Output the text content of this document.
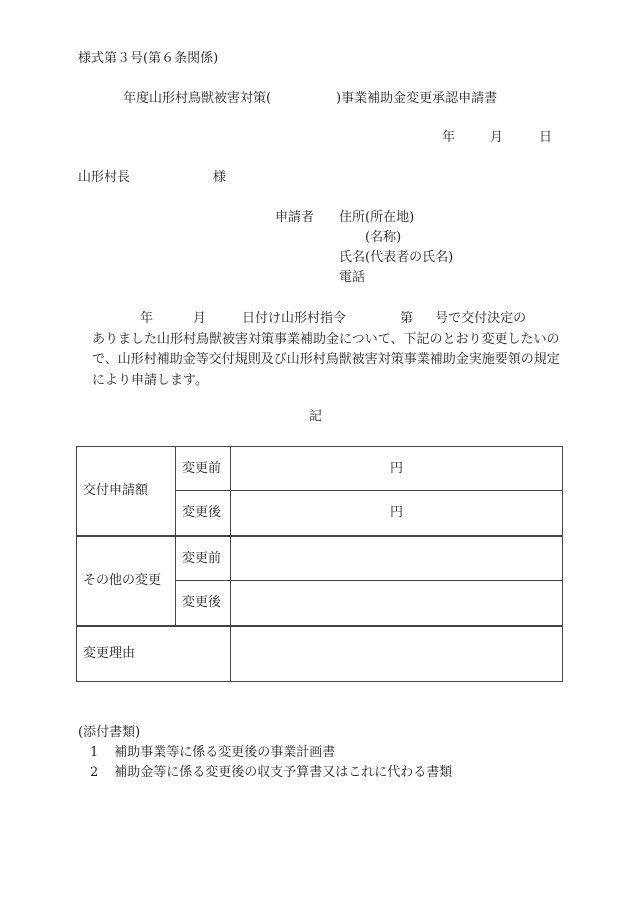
様式第３号(第６条関係)
年度山形村鳥獣被害対策(	)事業補助金変更承認申請書
年	月	日
山形村長	様
申請者 住所(所在地)
(名称)
氏名(代表者の氏名)
電話
年	月	日付け山形村指令	第 号で交付決定の
ありました山形村鳥獣被害対策事業補助金について、下記のとおり変更したいので、山形村補助金等交付規則及び山形村鳥獣被害対策事業補助金実施要領の規定により申請します。
記
交付申請額	変更前	円
	変更後	円
その他の変更	変更前	
	変更後	
変更理由		
(添付書類)
1 補助事業等に係る変更後の事業計画書
2 補助金等に係る変更後の収支予算書又はこれに代わる書類
